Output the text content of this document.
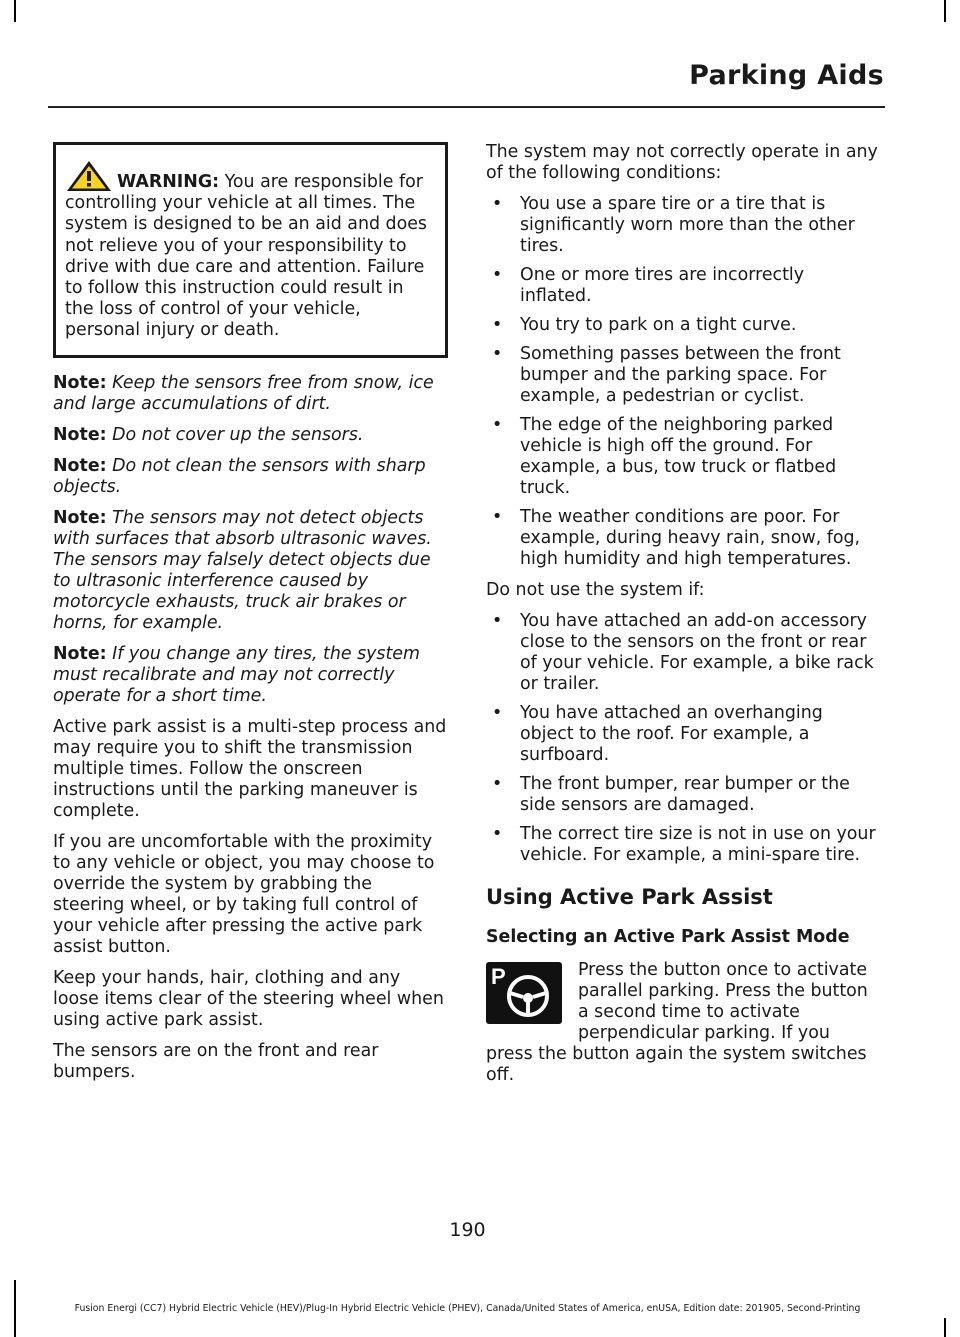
Parking Aids
WARNING: You are responsible for controlling your vehicle at all times. The system is designed to be an aid and does not relieve you of your responsibility to drive with due care and attention. Failure to follow this instruction could result in the loss of control of your vehicle, personal injury or death.

Note: Keep the sensors free from snow, ice and large accumulations of dirt.

Note: Do not cover up the sensors.

Note: Do not clean the sensors with sharp objects.

Note: The sensors may not detect objects with surfaces that absorb ultrasonic waves. The sensors may falsely detect objects due to ultrasonic interference caused by motorcycle exhausts, truck air brakes or horns, for example.

Note: If you change any tires, the system must recalibrate and may not correctly operate for a short time.

Active park assist is a multi-step process and may require you to shift the transmission multiple times. Follow the onscreen instructions until the parking maneuver is complete.

If you are uncomfortable with the proximity to any vehicle or object, you may choose to override the system by grabbing the steering wheel, or by taking full control of your vehicle after pressing the active park assist button.

Keep your hands, hair, clothing and any loose items clear of the steering wheel when using active park assist.

The sensors are on the front and rear bumpers.

The system may not correctly operate in any of the following conditions:

• You use a spare tire or a tire that is significantly worn more than the other tires.
• One or more tires are incorrectly inflated.
• You try to park on a tight curve.
• Something passes between the front bumper and the parking space. For example, a pedestrian or cyclist.
• The edge of the neighboring parked vehicle is high off the ground. For example, a bus, tow truck or flatbed truck.
• The weather conditions are poor. For example, during heavy rain, snow, fog, high humidity and high temperatures.

Do not use the system if:

• You have attached an add-on accessory close to the sensors on the front or rear of your vehicle. For example, a bike rack or trailer.
• You have attached an overhanging object to the roof. For example, a surfboard.
• The front bumper, rear bumper or the side sensors are damaged.
• The correct tire size is not in use on your vehicle. For example, a mini-spare tire.
Using Active Park Assist
Selecting an Active Park Assist Mode
P	Press the button once to activate parallel parking. Press the button a second time to activate perpendicular parking. If you press the button again the system switches off.

190
Fusion Energi (CC7) Hybrid Electric Vehicle (HEV)/Plug-In Hybrid Electric Vehicle (PHEV), Canada/United States of America, enUSA, Edition date: 201905, Second-Printing
